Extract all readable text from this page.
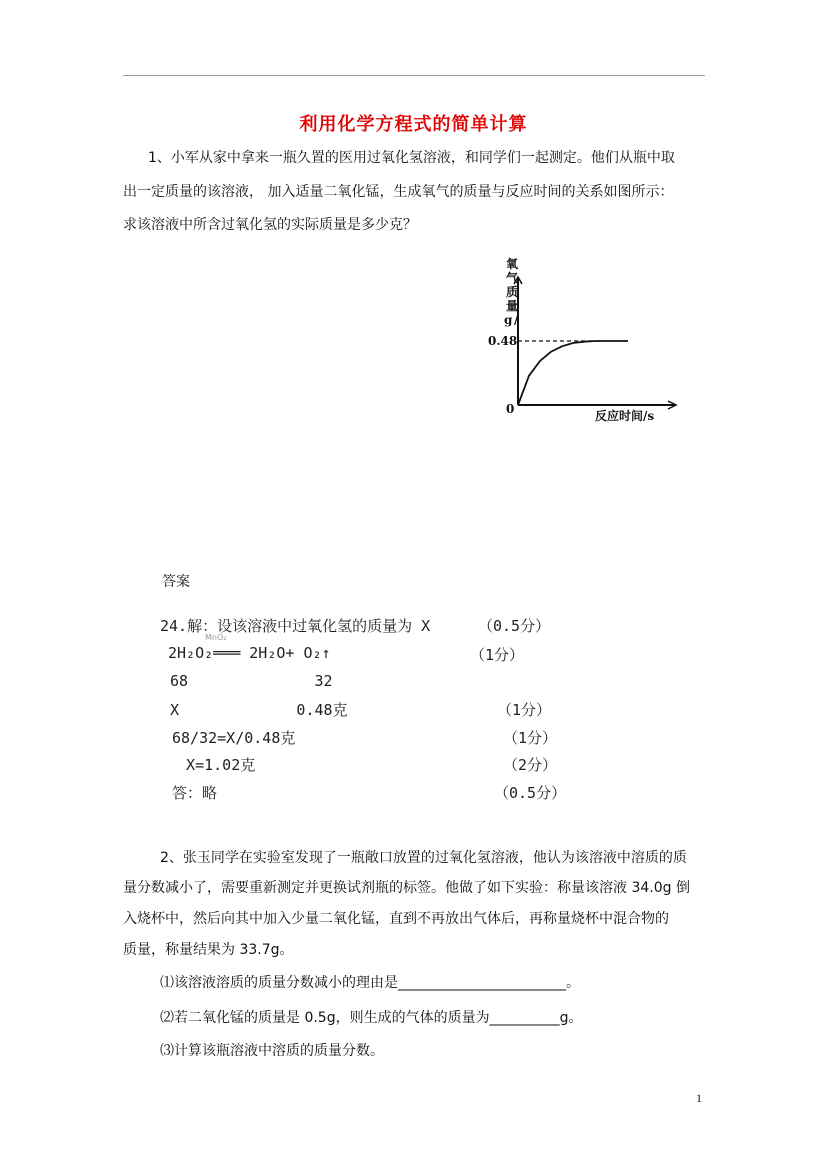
利用化学方程式的简单计算
1、小军从家中拿来一瓶久置的医用过氧化氢溶液，和同学们一起测定。他们从瓶中取
出一定质量的该溶液， 加入适量二氧化锰，生成氧气的质量与反应时间的关系如图所示：
求该溶液中所含过氧化氢的实际质量是多少克？
氧
气
质
量
/
g
0.48
0	反应时间/s
答案
24.解：设该溶液中过氧化氢的质量为 X	（0.5分）
MnO₂
2H₂O₂═══ 2H₂O+ O₂↑	（1分）
68              32
X             0.48克	（1分）
68/32=X/0.48克	（1分）
X=1.02克	（2分）
答：略	（0.5分）
2、张玉同学在实验室发现了一瓶敞口放置的过氧化氢溶液，他认为该溶液中溶质的质
量分数减小了，需要重新测定并更换试剂瓶的标签。他做了如下实验：称量该溶液 34.0g 倒
入烧杯中，然后向其中加入少量二氧化锰，直到不再放出气体后，再称量烧杯中混合物的
质量，称量结果为 33.7g。
⑴该溶液溶质的质量分数减小的理由是________________________。
⑵若二氧化锰的质量是 0.5g，则生成的气体的质量为__________g。
⑶计算该瓶溶液中溶质的质量分数。
1
